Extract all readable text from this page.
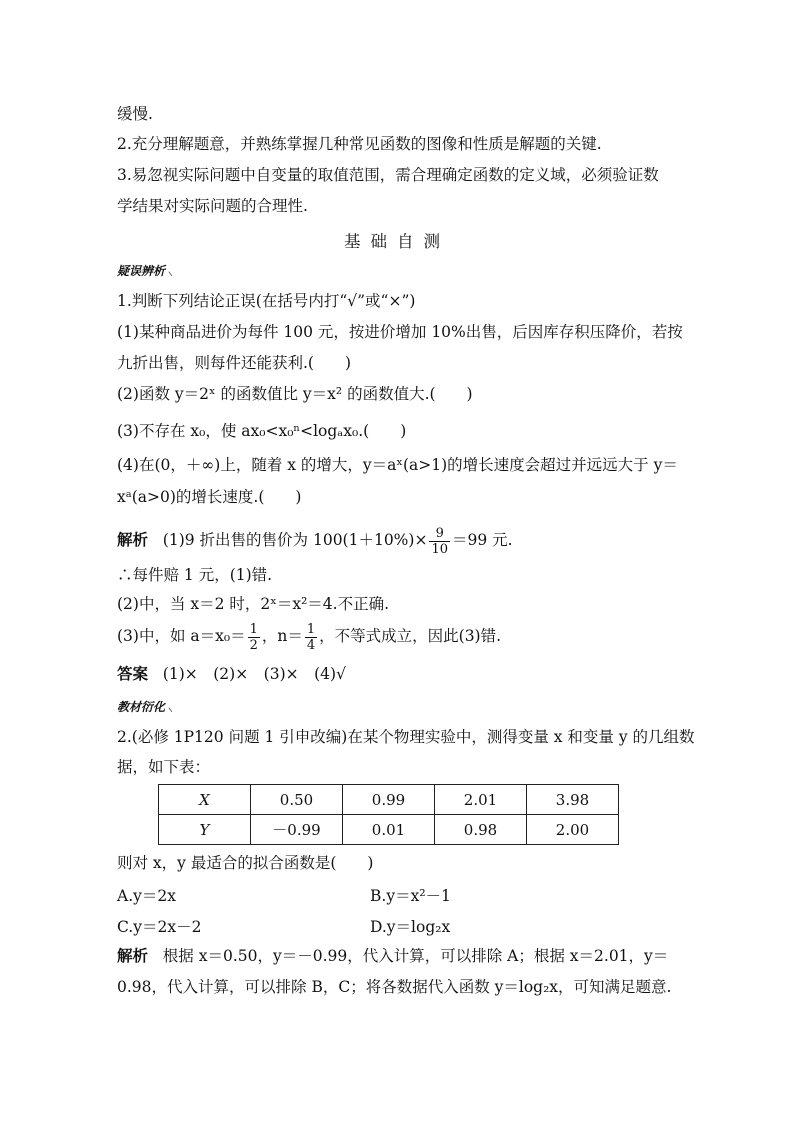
缓慢.
2.充分理解题意，并熟练掌握几种常见函数的图像和性质是解题的关键.
3.易忽视实际问题中自变量的取值范围，需合理确定函数的定义域，必须验证数
学结果对实际问题的合理性.
基础自测
疑误辨析 ⸜
1.判断下列结论正误(在括号内打“√”或“×”)
(1)某种商品进价为每件 100 元，按进价增加 10%出售，后因库存积压降价，若按
九折出售，则每件还能获利.(　　)
(2)函数 y＝2ˣ 的函数值比 y＝x² 的函数值大.(　　)
(3)不存在 x₀，使 ax₀<x₀ⁿ<logₐx₀.(　　)
(4)在(0，＋∞)上，随着 x 的增大，y＝aˣ(a>1)的增长速度会超过并远远大于 y＝
xᵃ(a>0)的增长速度.(　　)
解析 (1)9 折出售的售价为 $100(1+10\%)\times \frac{9}{10} =99$ 元.
∴每件赔 1 元，(1)错.
(2)中，当 x＝2 时，2ˣ＝x²＝4.不正确.
(3)中，如 $a=x_0= \frac{1}{2}$ ，$n= \frac{1}{4}$ ，不等式成立，因此(3)错.
答案 (1)×　(2)×　(3)×　(4)√
教材衍化 ⸜
2.(必修 1P120 问题 1 引申改编)在某个物理实验中，测得变量 x 和变量 y 的几组数
据，如下表：
X	0.50	0.99	2.01	3.98
Y	－0.99	0.01	0.98	2.00
则对 x，y 最适合的拟合函数是(　　)
A.y＝2x	B.y＝x²－1
C.y＝2x－2	D.y＝log₂x
解析 根据 x＝0.50，y＝－0.99，代入计算，可以排除 A；根据 x＝2.01，y＝
0.98，代入计算，可以排除 B，C；将各数据代入函数 y＝log₂x，可知满足题意.
